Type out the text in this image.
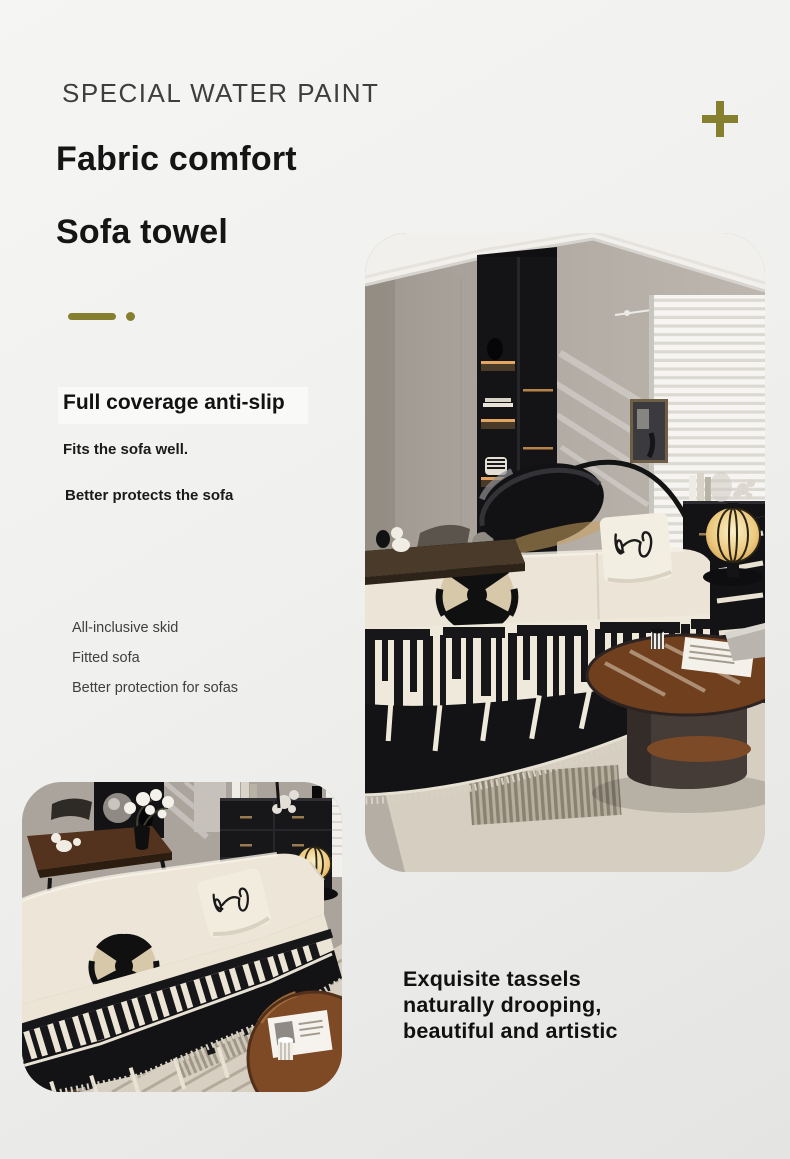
SPECIAL WATER PAINT
Fabric comfort
Sofa towel
Full coverage anti-slip
Fits the sofa well.
Better protects the sofa
All-inclusive skid
Fitted sofa
Better protection for sofas
Exquisite tassels
naturally drooping,
beautiful and artistic
